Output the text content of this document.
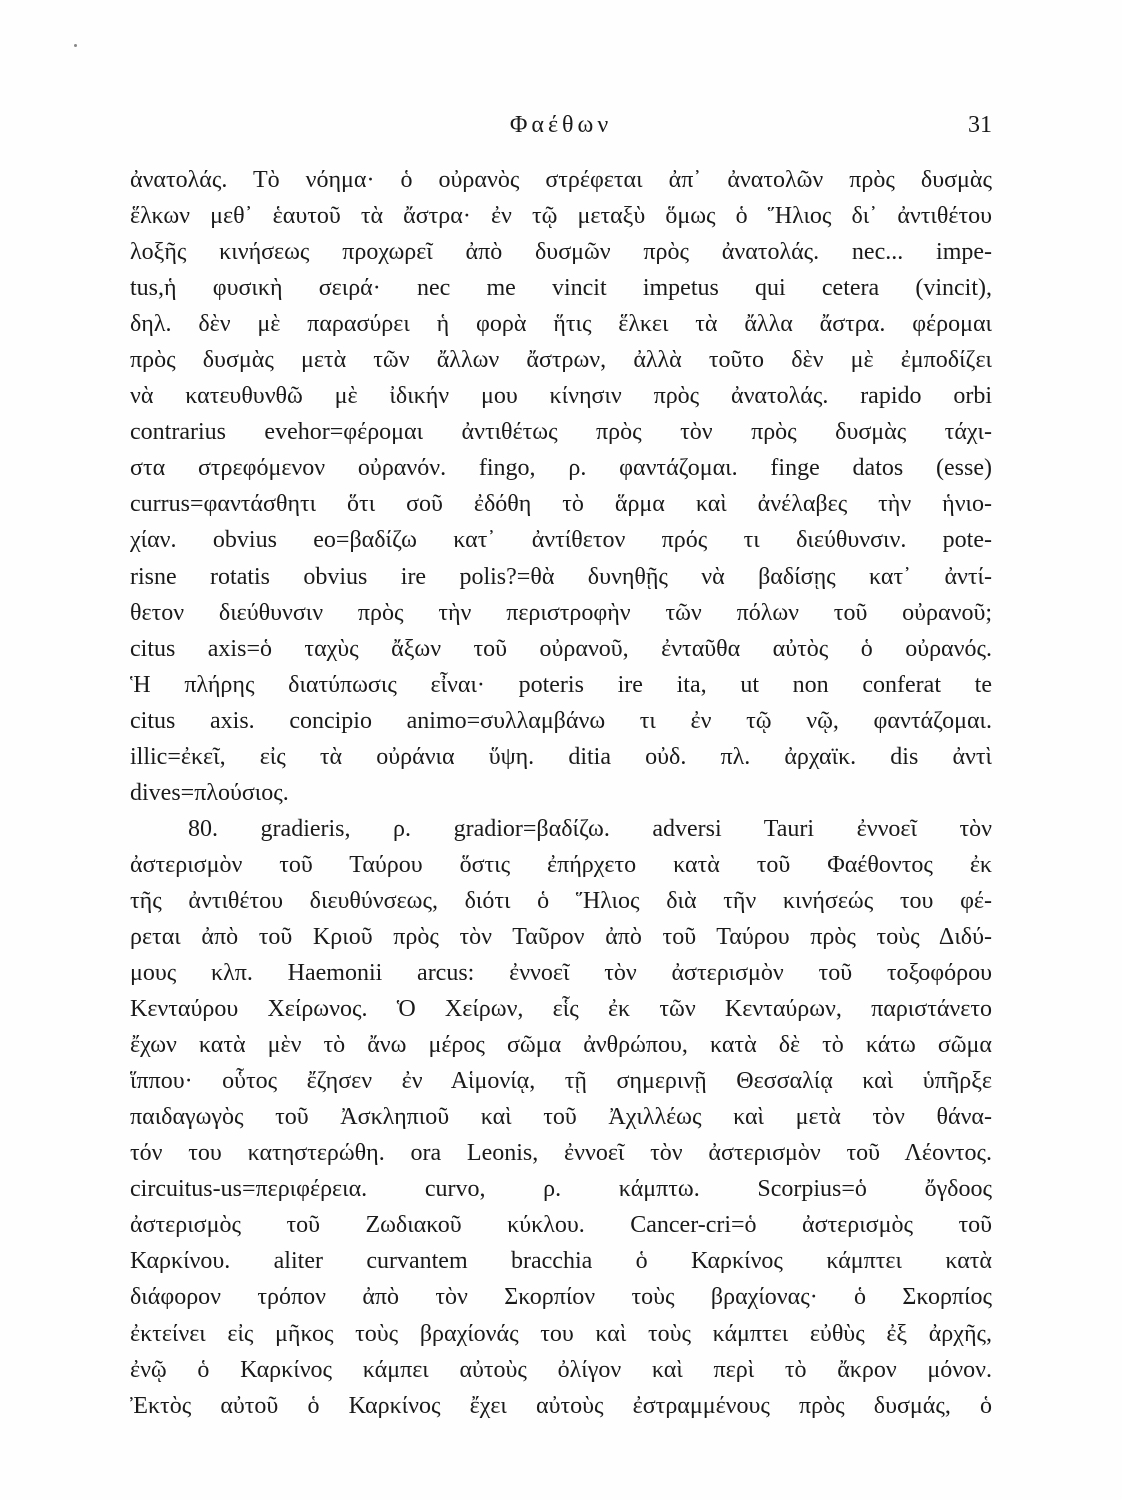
Φαέθων	31
ἀνατολάς. Τὸ νόημα· ὁ οὐρανὸς στρέφεται ἀπ᾽ ἀνατολῶν πρὸς δυσμὰς
ἕλκων μεθ᾽ ἑαυτοῦ τὰ ἄστρα· ἐν τῷ μεταξὺ ὅμως ὁ Ἥλιος δι᾽ ἀντιθέτου
λοξῆς κινήσεως προχωρεῖ ἀπὸ δυσμῶν πρὸς ἀνατολάς. nec... impe-
tus,ἡ φυσικὴ σειρά· nec me vincit impetus qui cetera (vincit),
δηλ. δὲν μὲ παρασύρει ἡ φορὰ ἥτις ἕλκει τὰ ἄλλα ἄστρα. φέρομαι
πρὸς δυσμὰς μετὰ τῶν ἄλλων ἄστρων, ἀλλὰ τοῦτο δὲν μὲ ἐμποδίζει
νὰ κατευθυνθῶ μὲ ἰδικήν μου κίνησιν πρὸς ἀνατολάς. rapido orbi
contrarius evehor=φέρομαι ἀντιθέτως πρὸς τὸν πρὸς δυσμὰς τάχι-
στα στρεφόμενον οὐρανόν. fingo, ρ. φαντάζομαι. finge datos (esse)
currus=φαντάσθητι ὅτι σοῦ ἐδόθη τὸ ἅρμα καὶ ἀνέλαβες τὴν ἡνιο-
χίαν. obvius eo=βαδίζω κατ᾽ ἀντίθετον πρός τι διεύθυνσιν. pote-
risne rotatis obvius ire polis?=θὰ δυνηθῇς νὰ βαδίσῃς κατ᾽ ἀντί-
θετον διεύθυνσιν πρὸς τὴν περιστροφὴν τῶν πόλων τοῦ οὐρανοῦ;
citus axis=ὁ ταχὺς ἄξων τοῦ οὐρανοῦ, ἐνταῦθα αὐτὸς ὁ οὐρανός.
Ἡ πλήρης διατύπωσις εἶναι· poteris ire ita, ut non conferat te
citus axis. concipio animo=συλλαμβάνω τι ἐν τῷ νῷ, φαντάζομαι.
illic=ἐκεῖ, εἰς τὰ οὐράνια ὕψη. ditia οὐδ. πλ. ἀρχαϊκ. dis ἀντὶ
dives=πλούσιος.
80. gradieris, ρ. gradior=βαδίζω. adversi Tauri ἐννοεῖ τὸν
ἀστερισμὸν τοῦ Ταύρου ὅστις ἐπήρχετο κατὰ τοῦ Φαέθοντος ἐκ
τῆς ἀντιθέτου διευθύνσεως, διότι ὁ Ἥλιος διὰ τῆν κινήσεώς του φέ-
ρεται ἀπὸ τοῦ Κριοῦ πρὸς τὸν Ταῦρον ἀπὸ τοῦ Ταύρου πρὸς τοὺς Διδύ-
μους κλπ. Haemonii arcus: ἐννοεῖ τὸν ἀστερισμὸν τοῦ τοξοφόρου
Κενταύρου Χείρωνος. Ὁ Χείρων, εἷς ἐκ τῶν Κενταύρων, παριστάνετο
ἔχων κατὰ μὲν τὸ ἄνω μέρος σῶμα ἀνθρώπου, κατὰ δὲ τὸ κάτω σῶμα
ἵππου· οὗτος ἔζησεν ἐν Αἱμονίᾳ, τῇ σημερινῇ Θεσσαλίᾳ καὶ ὑπῆρξε
παιδαγωγὸς τοῦ Ἀσκληπιοῦ καὶ τοῦ Ἀχιλλέως καὶ μετὰ τὸν θάνα-
τόν του κατηστερώθη. ora Leonis, ἐννοεῖ τὸν ἀστερισμὸν τοῦ Λέοντος.
circuitus-us=περιφέρεια. curvo, ρ. κάμπτω. Scorpius=ὁ ὄγδοος
ἀστερισμὸς τοῦ Ζωδιακοῦ κύκλου. Cancer-cri=ὁ ἀστερισμὸς τοῦ
Καρκίνου. aliter curvantem bracchia ὁ Καρκίνος κάμπτει κατὰ
διάφορον τρόπον ἀπὸ τὸν Σκορπίον τοὺς βραχίονας· ὁ Σκορπίος
ἐκτείνει εἰς μῆκος τοὺς βραχίονάς του καὶ τοὺς κάμπτει εὐθὺς ἐξ ἀρχῆς,
ἐνῷ ὁ Καρκίνος κάμπει αὐτοὺς ὀλίγον καὶ περὶ τὸ ἄκρον μόνον.
Ἐκτὸς αὐτοῦ ὁ Καρκίνος ἔχει αὐτοὺς ἐστραμμένους πρὸς δυσμάς, ὁ
